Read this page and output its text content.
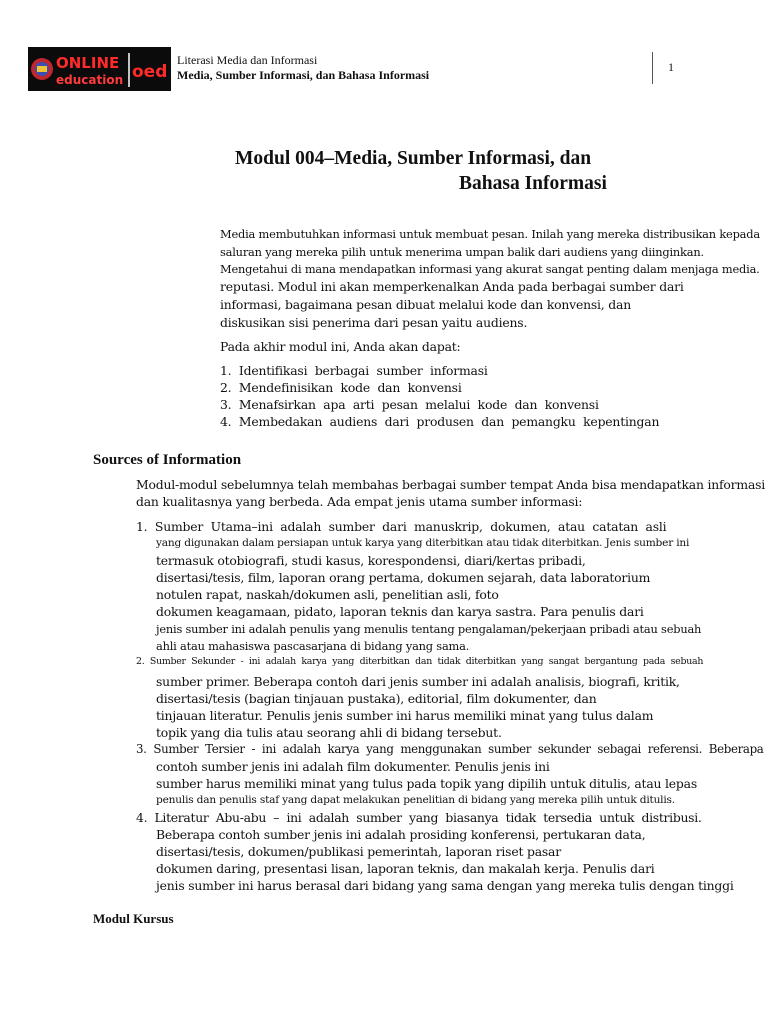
ONLINE
education oed
Literasi Media dan Informasi
Media, Sumber Informasi, dan Bahasa Informasi
1
Modul 004–Media, Sumber Informasi, dan
Bahasa Informasi
Media membutuhkan informasi untuk membuat pesan. Inilah yang mereka distribusikan kepada
saluran yang mereka pilih untuk menerima umpan balik dari audiens yang diinginkan.
Mengetahui di mana mendapatkan informasi yang akurat sangat penting dalam menjaga media.
reputasi. Modul ini akan memperkenalkan Anda pada berbagai sumber dari
informasi, bagaimana pesan dibuat melalui kode dan konvensi, dan
diskusikan sisi penerima dari pesan yaitu audiens.
Pada akhir modul ini, Anda akan dapat:
1.  Identifikasi  berbagai  sumber  informasi
2.  Mendefinisikan  kode  dan  konvensi
3.  Menafsirkan  apa  arti  pesan  melalui  kode  dan  konvensi
4.  Membedakan  audiens  dari  produsen  dan  pemangku  kepentingan
Sources of Information
Modul-modul sebelumnya telah membahas berbagai sumber tempat Anda bisa mendapatkan informasi
dan kualitasnya yang berbeda. Ada empat jenis utama sumber informasi:
1.  Sumber  Utama–ini  adalah  sumber  dari  manuskrip,  dokumen,  atau  catatan  asli
yang digunakan dalam persiapan untuk karya yang diterbitkan atau tidak diterbitkan. Jenis sumber ini
termasuk otobiografi, studi kasus, korespondensi, diari/kertas pribadi,
disertasi/tesis, film, laporan orang pertama, dokumen sejarah, data laboratorium
notulen rapat, naskah/dokumen asli, penelitian asli, foto
dokumen keagamaan, pidato, laporan teknis dan karya sastra. Para penulis dari
jenis sumber ini adalah penulis yang menulis tentang pengalaman/pekerjaan pribadi atau sebuah
ahli atau mahasiswa pascasarjana di bidang yang sama.
2.  Sumber  Sekunder  -  ini  adalah  karya  yang  diterbitkan  dan  tidak  diterbitkan  yang  sangat  bergantung  pada  sebuah
sumber primer. Beberapa contoh dari jenis sumber ini adalah analisis, biografi, kritik,
disertasi/tesis (bagian tinjauan pustaka), editorial, film dokumenter, dan
tinjauan literatur. Penulis jenis sumber ini harus memiliki minat yang tulus dalam
topik yang dia tulis atau seorang ahli di bidang tersebut.
3.  Sumber  Tersier  -  ini  adalah  karya  yang  menggunakan  sumber  sekunder  sebagai  referensi.  Beberapa
contoh sumber jenis ini adalah film dokumenter. Penulis jenis ini
sumber harus memiliki minat yang tulus pada topik yang dipilih untuk ditulis, atau lepas
penulis dan penulis staf yang dapat melakukan penelitian di bidang yang mereka pilih untuk ditulis.
4.  Literatur  Abu-abu  –  ini  adalah  sumber  yang  biasanya  tidak  tersedia  untuk  distribusi.
Beberapa contoh sumber jenis ini adalah prosiding konferensi, pertukaran data,
disertasi/tesis, dokumen/publikasi pemerintah, laporan riset pasar
dokumen daring, presentasi lisan, laporan teknis, dan makalah kerja. Penulis dari
jenis sumber ini harus berasal dari bidang yang sama dengan yang mereka tulis dengan tinggi
Modul Kursus
